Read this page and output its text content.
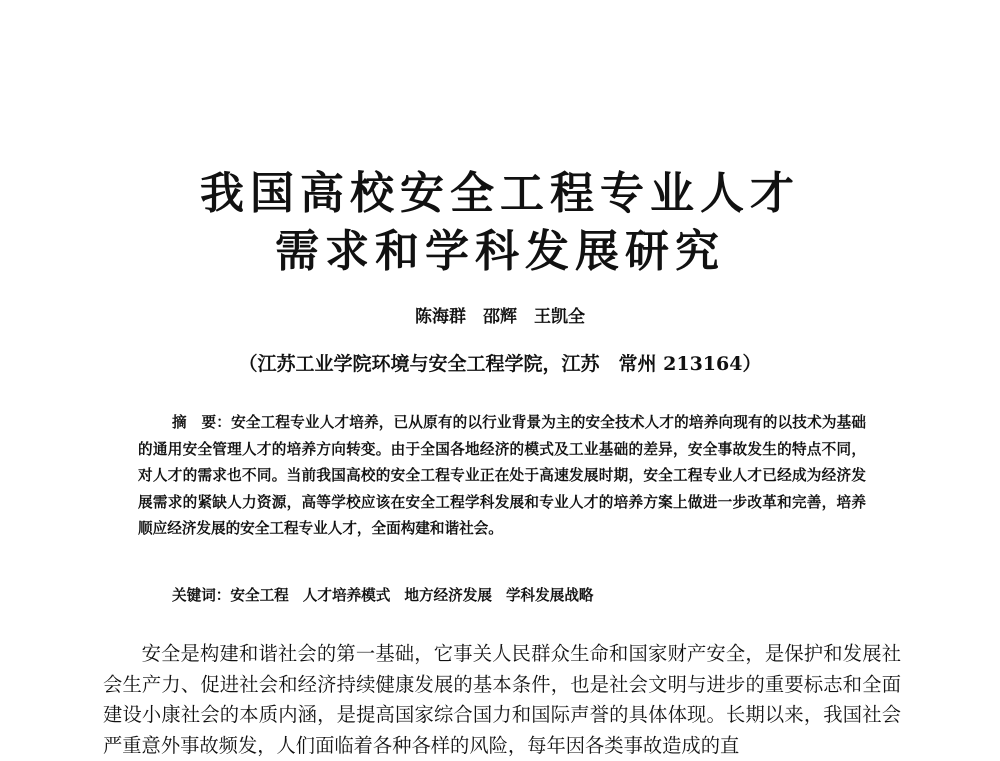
我国高校安全工程专业人才
需求和学科发展研究
陈海群　邵辉　王凯全
（江苏工业学院环境与安全工程学院，江苏　常州 213164）

摘　要：安全工程专业人才培养，已从原有的以行业背景为主的安全技术人才的培养向现有的以技术为基础的通用安全管理人才的培养方向转变。由于全国各地经济的模式及工业基础的差异，安全事故发生的特点不同，对人才的需求也不同。当前我国高校的安全工程专业正在处于高速发展时期，安全工程专业人才已经成为经济发展需求的紧缺人力资源，高等学校应该在安全工程学科发展和专业人才的培养方案上做进一步改革和完善，培养顺应经济发展的安全工程专业人才，全面构建和谐社会。

关键词：安全工程 人才培养模式 地方经济发展 学科发展战略

安全是构建和谐社会的第一基础，它事关人民群众生命和国家财产安全，是保护和发展社会生产力、促进社会和经济持续健康发展的基本条件，也是社会文明与进步的重要标志和全面建设小康社会的本质内涵，是提高国家综合国力和国际声誉的具体体现。长期以来，我国社会严重意外事故频发，人们面临着各种各样的风险，每年因各类事故造成的直
